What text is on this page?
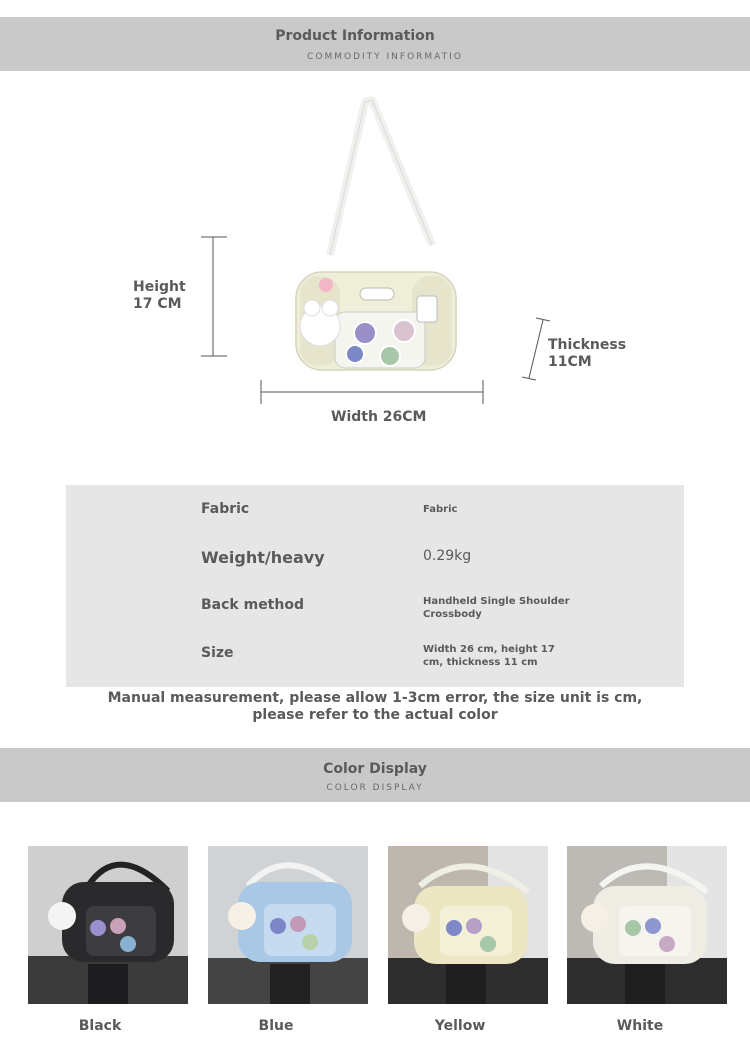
Product Information
COMMODITY INFORMATIO
Height 17 CM
Thickness 11CM
Width 26CM
Fabric	Fabric
Weight/heavy	0.29kg
Back method	Handheld Single Shoulder Crossbody
Size	Width 26 cm, height 17 cm, thickness 11 cm
Manual measurement, please allow 1-3cm error, the size unit is cm, please refer to the actual color
Color Display
COLOR DISPLAY
Black	Blue	Yellow	White
